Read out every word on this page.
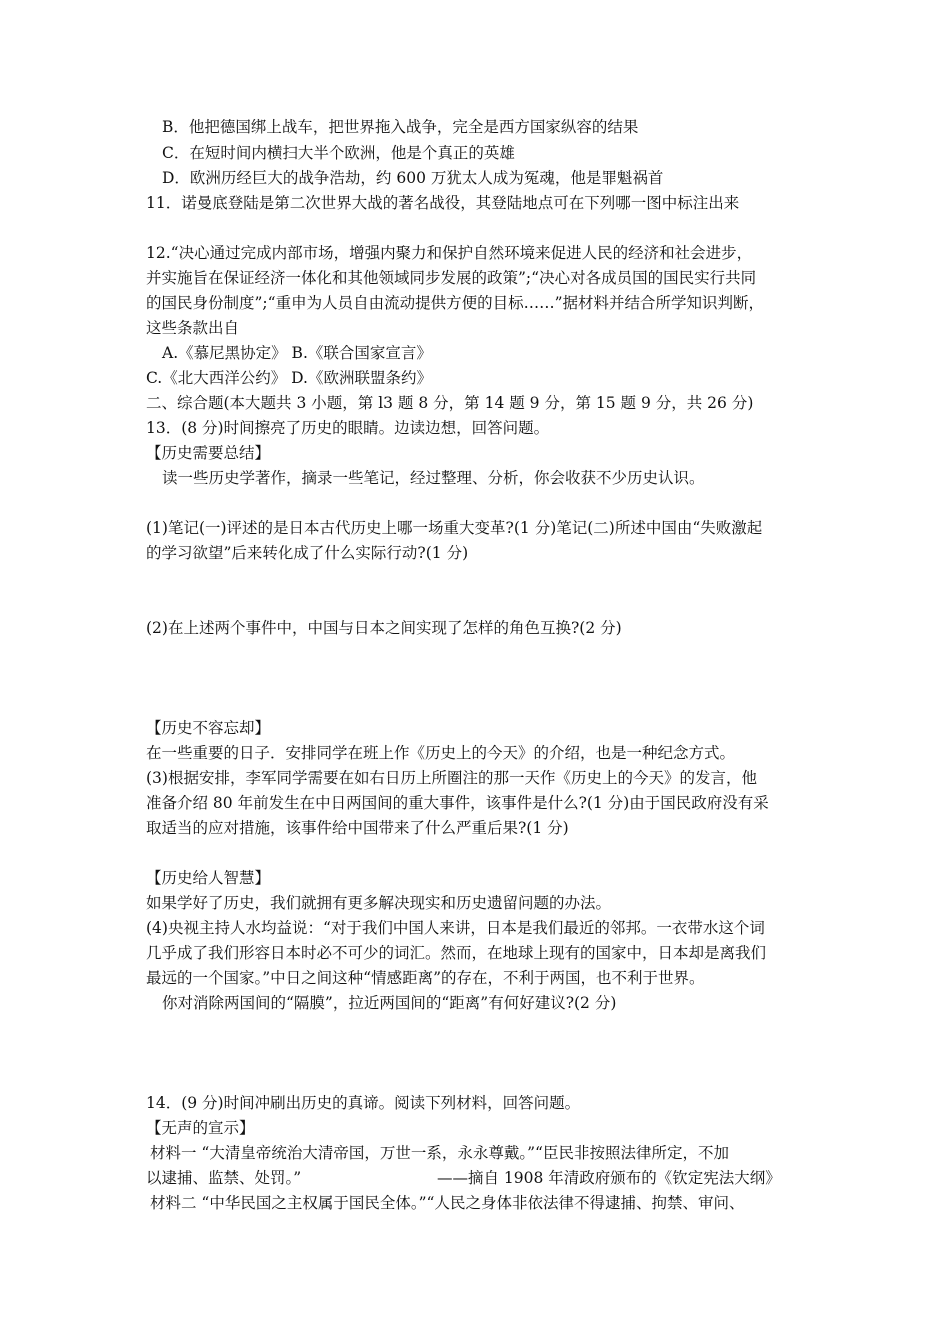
B．他把德国绑上战车，把世界拖入战争，完全是西方国家纵容的结果
C．在短时间内横扫大半个欧洲，他是个真正的英雄
D．欧洲历经巨大的战争浩劫，约 600 万犹太人成为冤魂，他是罪魁祸首
11．诺曼底登陆是第二次世界大战的著名战役，其登陆地点可在下列哪一图中标注出来
12.“决心通过完成内部市场，增强内聚力和保护自然环境来促进人民的经济和社会进步，
并实施旨在保证经济一体化和其他领域同步发展的政策”;“决心对各成员国的国民实行共同
的国民身份制度”;“重申为人员自由流动提供方便的目标……”据材料并结合所学知识判断，
这些条款出自
A.《慕尼黑协定》 B.《联合国家宣言》
C.《北大西洋公约》 D.《欧洲联盟条约》
二、综合题(本大题共 3 小题，第 l3 题 8 分，第 14 题 9 分，第 15 题 9 分，共 26 分)
13．(8 分)时间擦亮了历史的眼睛。边读边想，回答问题。
【历史需要总结】
读一些历史学著作，摘录一些笔记，经过整理、分析，你会收获不少历史认识。
(1)笔记(一)评述的是日本古代历史上哪一场重大变革?(1 分)笔记(二)所述中国由“失败激起
的学习欲望”后来转化成了什么实际行动?(1 分)
(2)在上述两个事件中，中国与日本之间实现了怎样的角色互换?(2 分)
【历史不容忘却】
在一些重要的日子．安排同学在班上作《历史上的今天》的介绍，也是一种纪念方式。
(3)根据安排，李军同学需要在如右日历上所圈注的那一天作《历史上的今天》的发言，他
准备介绍 80 年前发生在中日两国间的重大事件，该事件是什么?(1 分)由于国民政府没有采
取适当的应对措施，该事件给中国带来了什么严重后果?(1 分)
【历史给人智慧】
如果学好了历史，我们就拥有更多解决现实和历史遗留问题的办法。
(4)央视主持人水均益说：“对于我们中国人来讲，日本是我们最近的邻邦。一衣带水这个词
几乎成了我们形容日本时必不可少的词汇。然而，在地球上现有的国家中，日本却是离我们
最远的一个国家。”中日之间这种“情感距离”的存在，不利于两国，也不利于世界。
你对消除两国间的“隔膜”，拉近两国间的“距离”有何好建议?(2 分)
14．(9 分)时间冲刷出历史的真谛。阅读下列材料，回答问题。
【无声的宣示】
材料一 “大清皇帝统治大清帝国，万世一系，永永尊戴。”“臣民非按照法律所定，不加
以逮捕、监禁、处罚。”	——摘自 1908 年清政府颁布的《钦定宪法大纲》
材料二 “中华民国之主权属于国民全体。”“人民之身体非依法律不得逮捕、拘禁、审问、
